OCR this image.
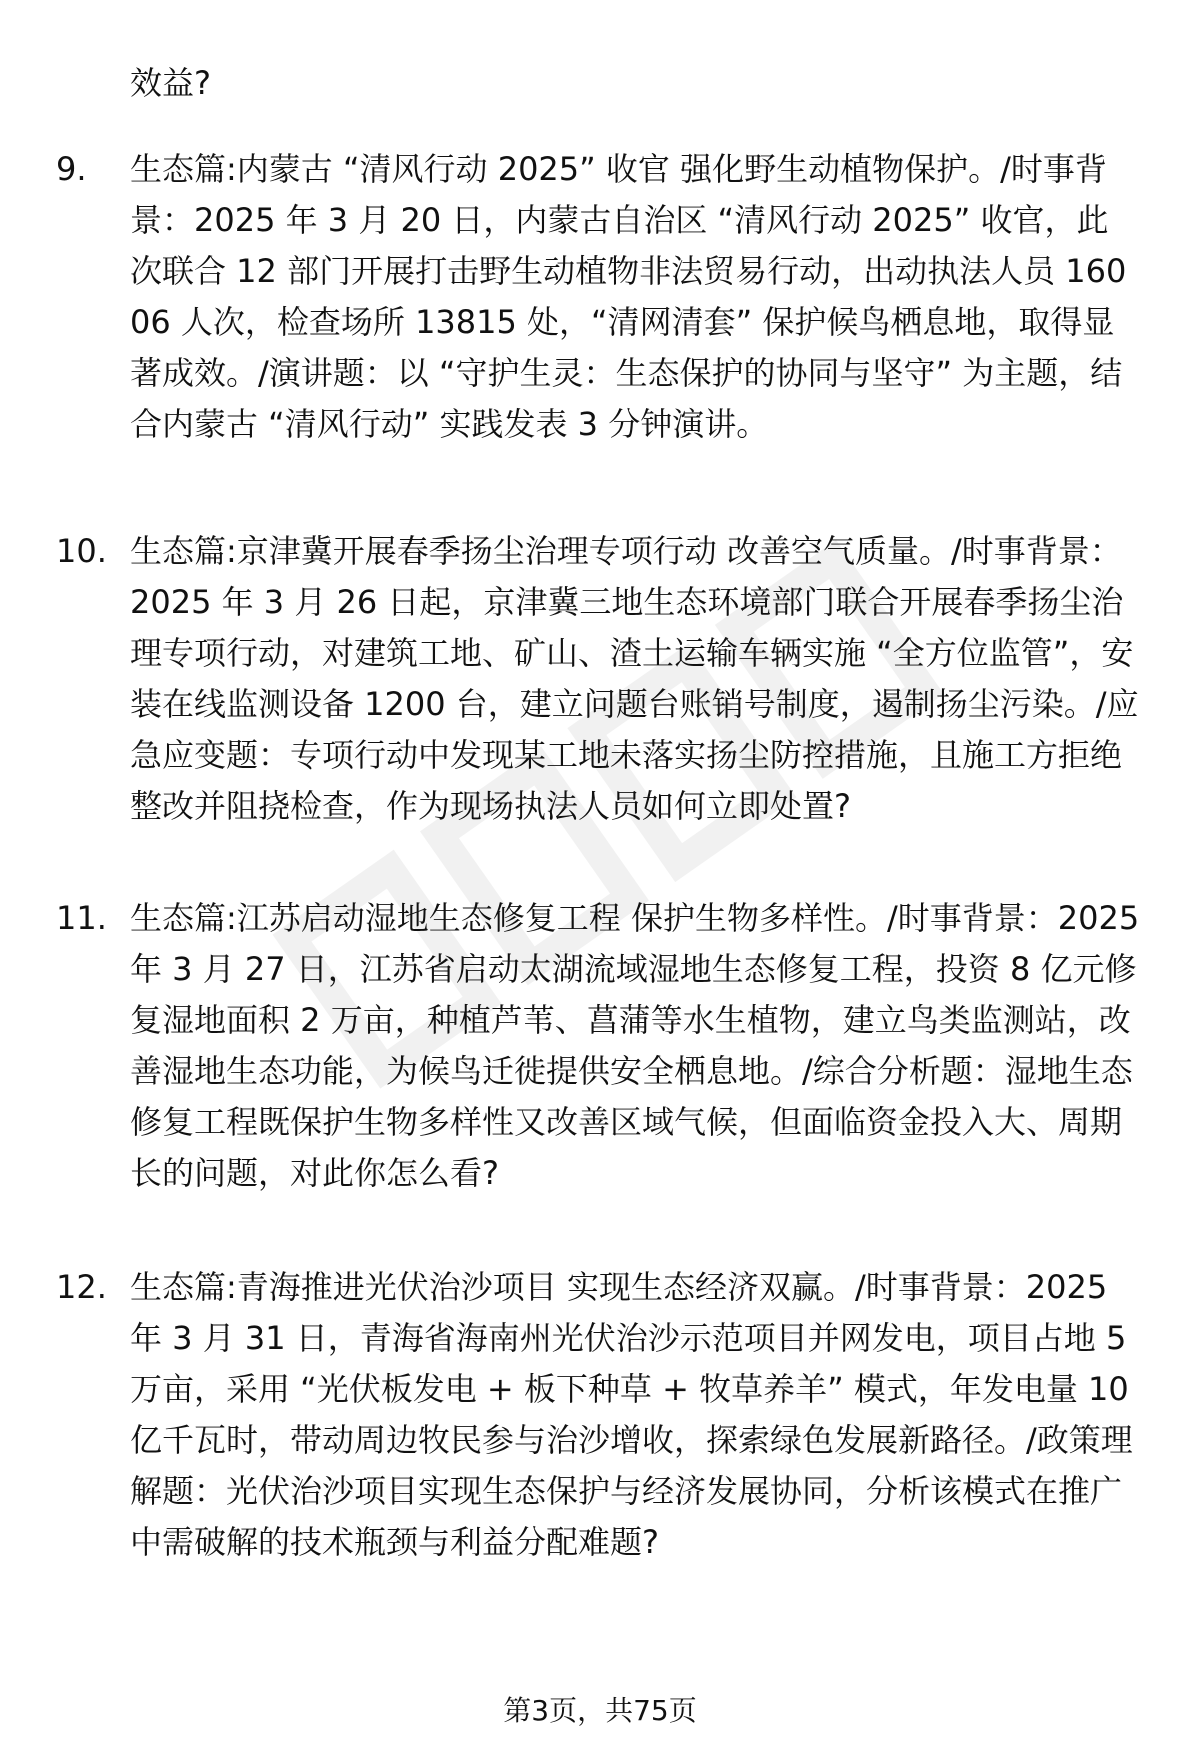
效益?
9.	生态篇:内蒙古 “清风行动 2025” 收官 强化野生动植物保护。/时事背景：2025 年 3 月 20 日，内蒙古自治区 “清风行动 2025” 收官，此次联合 12 部门开展打击野生动植物非法贸易行动，出动执法人员 16006 人次，检查场所 13815 处，“清网清套” 保护候鸟栖息地，取得显著成效。/演讲题：以 “守护生灵：生态保护的协同与坚守” 为主题，结合内蒙古 “清风行动” 实践发表 3 分钟演讲。
10. 生态篇:京津冀开展春季扬尘治理专项行动 改善空气质量。/时事背景：2025 年 3 月 26 日起，京津冀三地生态环境部门联合开展春季扬尘治理专项行动，对建筑工地、矿山、渣土运输车辆实施 “全方位监管”，安装在线监测设备 1200 台，建立问题台账销号制度，遏制扬尘污染。/应急应变题：专项行动中发现某工地未落实扬尘防控措施，且施工方拒绝整改并阻挠检查，作为现场执法人员如何立即处置?
11. 生态篇:江苏启动湿地生态修复工程 保护生物多样性。/时事背景：2025 年 3 月 27 日，江苏省启动太湖流域湿地生态修复工程，投资 8 亿元修复湿地面积 2 万亩，种植芦苇、菖蒲等水生植物，建立鸟类监测站，改善湿地生态功能，为候鸟迁徙提供安全栖息地。/综合分析题：湿地生态修复工程既保护生物多样性又改善区域气候，但面临资金投入大、周期长的问题，对此你怎么看?
12. 生态篇:青海推进光伏治沙项目 实现生态经济双赢。/时事背景：2025 年 3 月 31 日，青海省海南州光伏治沙示范项目并网发电，项目占地 5 万亩，采用 “光伏板发电 + 板下种草 + 牧草养羊” 模式，年发电量 10 亿千瓦时，带动周边牧民参与治沙增收，探索绿色发展新路径。/政策理解题：光伏治沙项目实现生态保护与经济发展协同，分析该模式在推广中需破解的技术瓶颈与利益分配难题?
第3页，共75页
